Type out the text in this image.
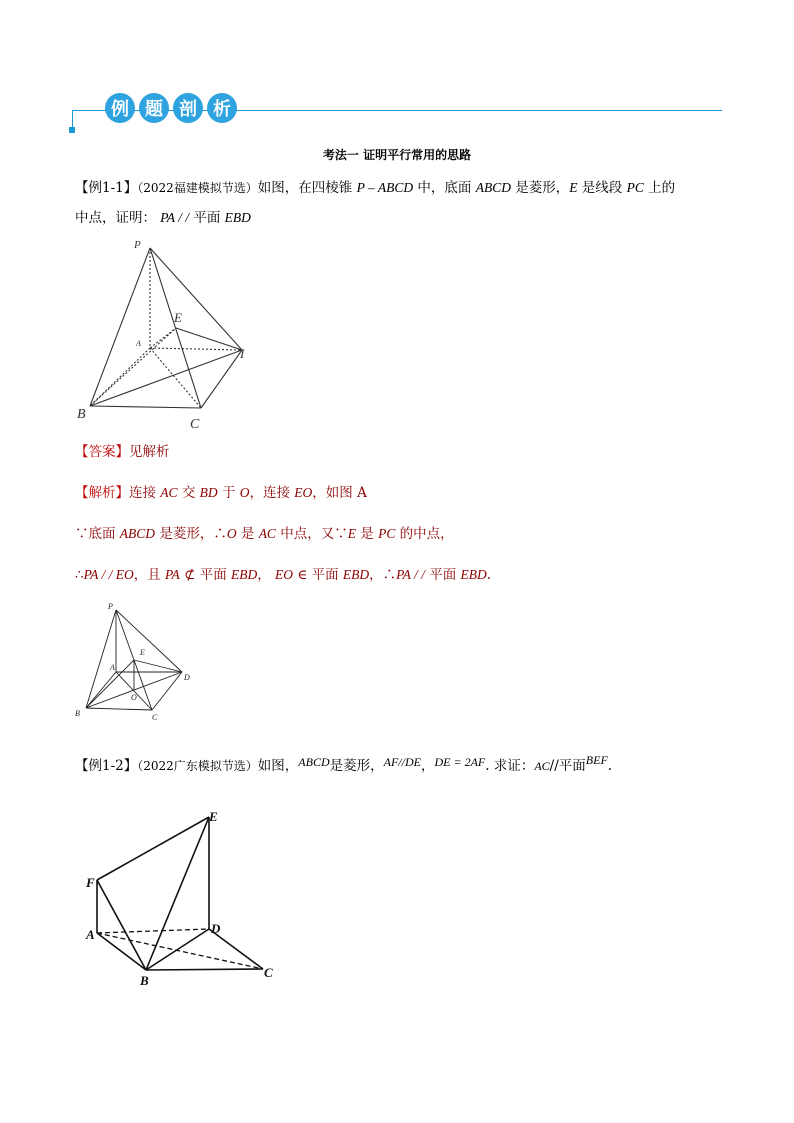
例 题 剖 析
考法一 证明平行常用的思路
【例1-1】（2022福建模拟节选）如图，在四棱锥 P – ABCD 中，底面 ABCD 是菱形，E 是线段 PC 上的
中点，证明： PA / / 平面 EBD
P
E
A
I
B
C
【答案】见解析
【解析】连接 AC 交 BD 于 O，连接 EO，如图 A
∵底面 ABCD 是菱形，∴O 是 AC 中点，又∵E 是 PC 的中点，
∴PA / / EO，且 PA ⊄ 平面 EBD， EO ∈ 平面 EBD，∴PA / / 平面 EBD.
P
E
A
D
O
B	C
【例1-2】（2022广东模拟节选）如图，ABCD是菱形，AF//DE，DE = 2AF. 求证：AC//平面BEF.
E
F
A	D
B
C
